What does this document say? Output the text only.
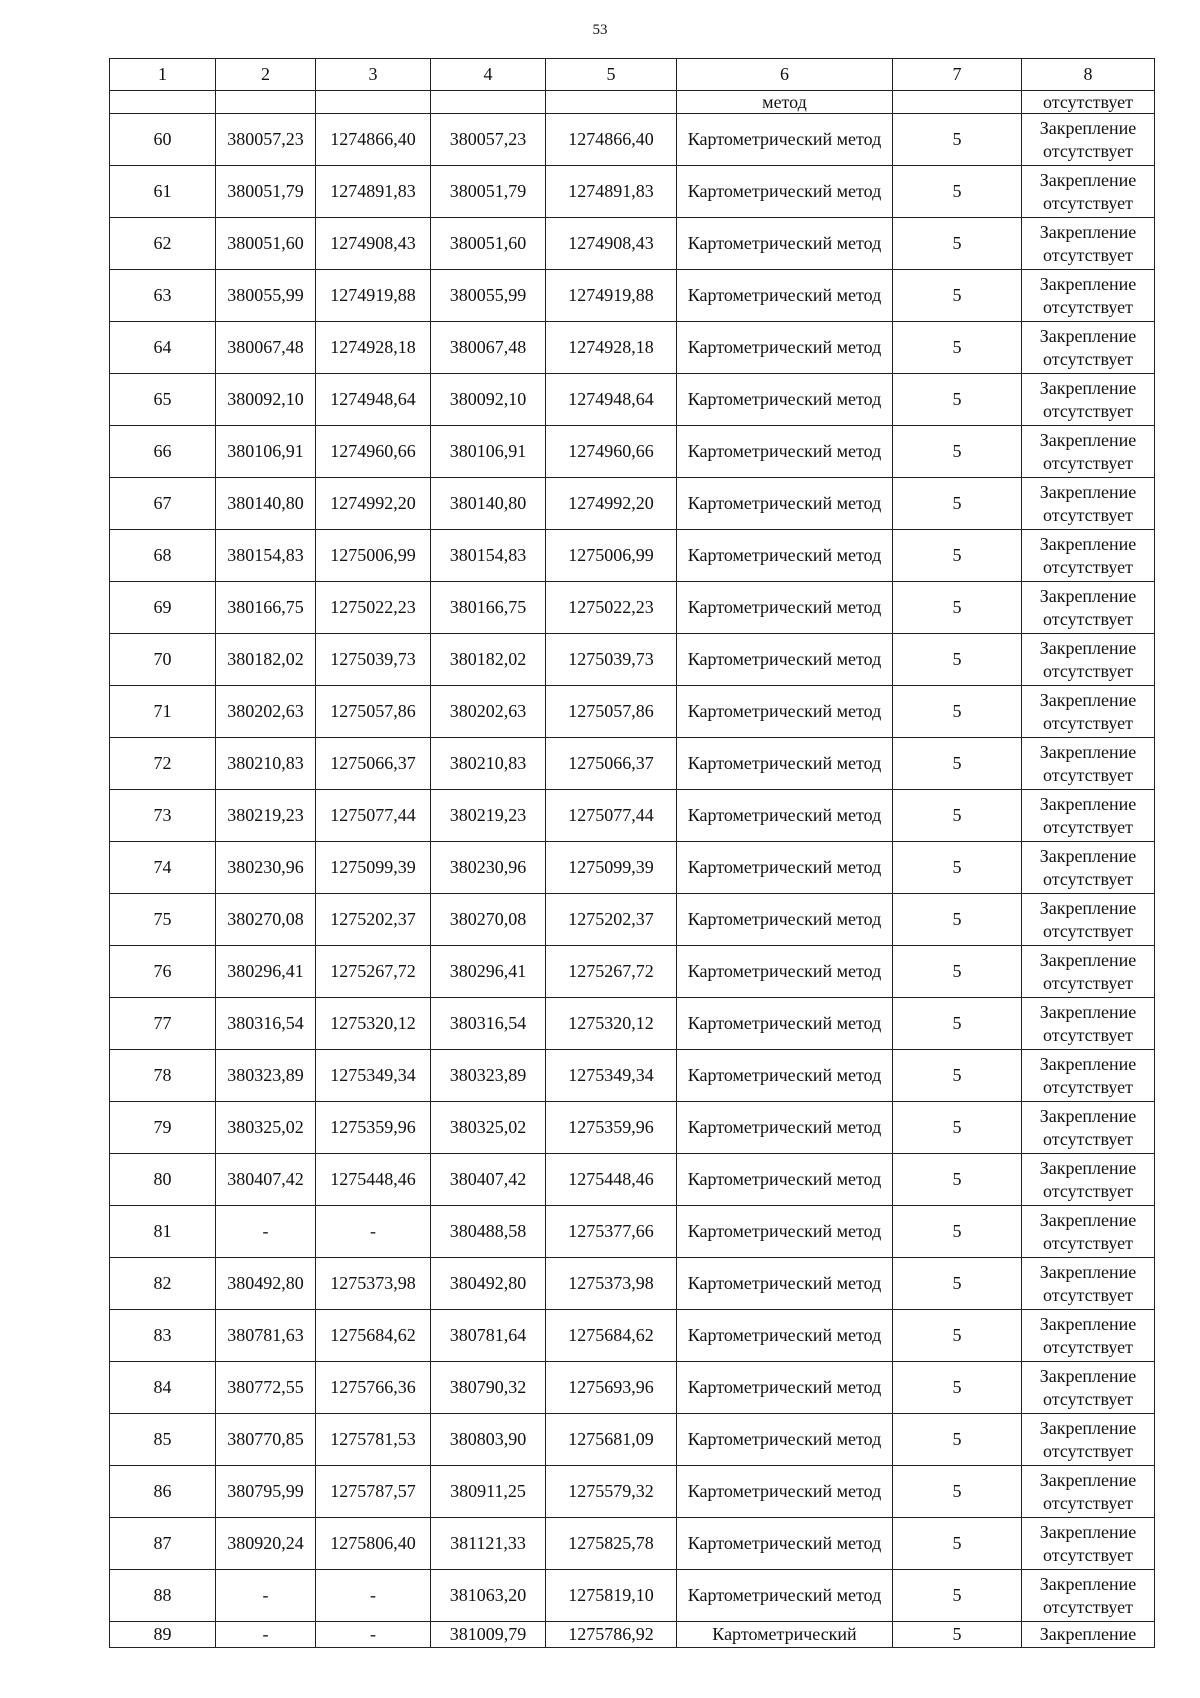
53
1	2	3	4	5	6	7	8
					метод		отсутствует
60	380057,23	1274866,40	380057,23	1274866,40	Картометрический метод	5	Закрепление отсутствует
61	380051,79	1274891,83	380051,79	1274891,83	Картометрический метод	5	Закрепление отсутствует
62	380051,60	1274908,43	380051,60	1274908,43	Картометрический метод	5	Закрепление отсутствует
63	380055,99	1274919,88	380055,99	1274919,88	Картометрический метод	5	Закрепление отсутствует
64	380067,48	1274928,18	380067,48	1274928,18	Картометрический метод	5	Закрепление отсутствует
65	380092,10	1274948,64	380092,10	1274948,64	Картометрический метод	5	Закрепление отсутствует
66	380106,91	1274960,66	380106,91	1274960,66	Картометрический метод	5	Закрепление отсутствует
67	380140,80	1274992,20	380140,80	1274992,20	Картометрический метод	5	Закрепление отсутствует
68	380154,83	1275006,99	380154,83	1275006,99	Картометрический метод	5	Закрепление отсутствует
69	380166,75	1275022,23	380166,75	1275022,23	Картометрический метод	5	Закрепление отсутствует
70	380182,02	1275039,73	380182,02	1275039,73	Картометрический метод	5	Закрепление отсутствует
71	380202,63	1275057,86	380202,63	1275057,86	Картометрический метод	5	Закрепление отсутствует
72	380210,83	1275066,37	380210,83	1275066,37	Картометрический метод	5	Закрепление отсутствует
73	380219,23	1275077,44	380219,23	1275077,44	Картометрический метод	5	Закрепление отсутствует
74	380230,96	1275099,39	380230,96	1275099,39	Картометрический метод	5	Закрепление отсутствует
75	380270,08	1275202,37	380270,08	1275202,37	Картометрический метод	5	Закрепление отсутствует
76	380296,41	1275267,72	380296,41	1275267,72	Картометрический метод	5	Закрепление отсутствует
77	380316,54	1275320,12	380316,54	1275320,12	Картометрический метод	5	Закрепление отсутствует
78	380323,89	1275349,34	380323,89	1275349,34	Картометрический метод	5	Закрепление отсутствует
79	380325,02	1275359,96	380325,02	1275359,96	Картометрический метод	5	Закрепление отсутствует
80	380407,42	1275448,46	380407,42	1275448,46	Картометрический метод	5	Закрепление отсутствует
81	-	-	380488,58	1275377,66	Картометрический метод	5	Закрепление отсутствует
82	380492,80	1275373,98	380492,80	1275373,98	Картометрический метод	5	Закрепление отсутствует
83	380781,63	1275684,62	380781,64	1275684,62	Картометрический метод	5	Закрепление отсутствует
84	380772,55	1275766,36	380790,32	1275693,96	Картометрический метод	5	Закрепление отсутствует
85	380770,85	1275781,53	380803,90	1275681,09	Картометрический метод	5	Закрепление отсутствует
86	380795,99	1275787,57	380911,25	1275579,32	Картометрический метод	5	Закрепление отсутствует
87	380920,24	1275806,40	381121,33	1275825,78	Картометрический метод	5	Закрепление отсутствует
88	-	-	381063,20	1275819,10	Картометрический метод	5	Закрепление отсутствует
89	-	-	381009,79	1275786,92	Картометрический	5	Закрепление
